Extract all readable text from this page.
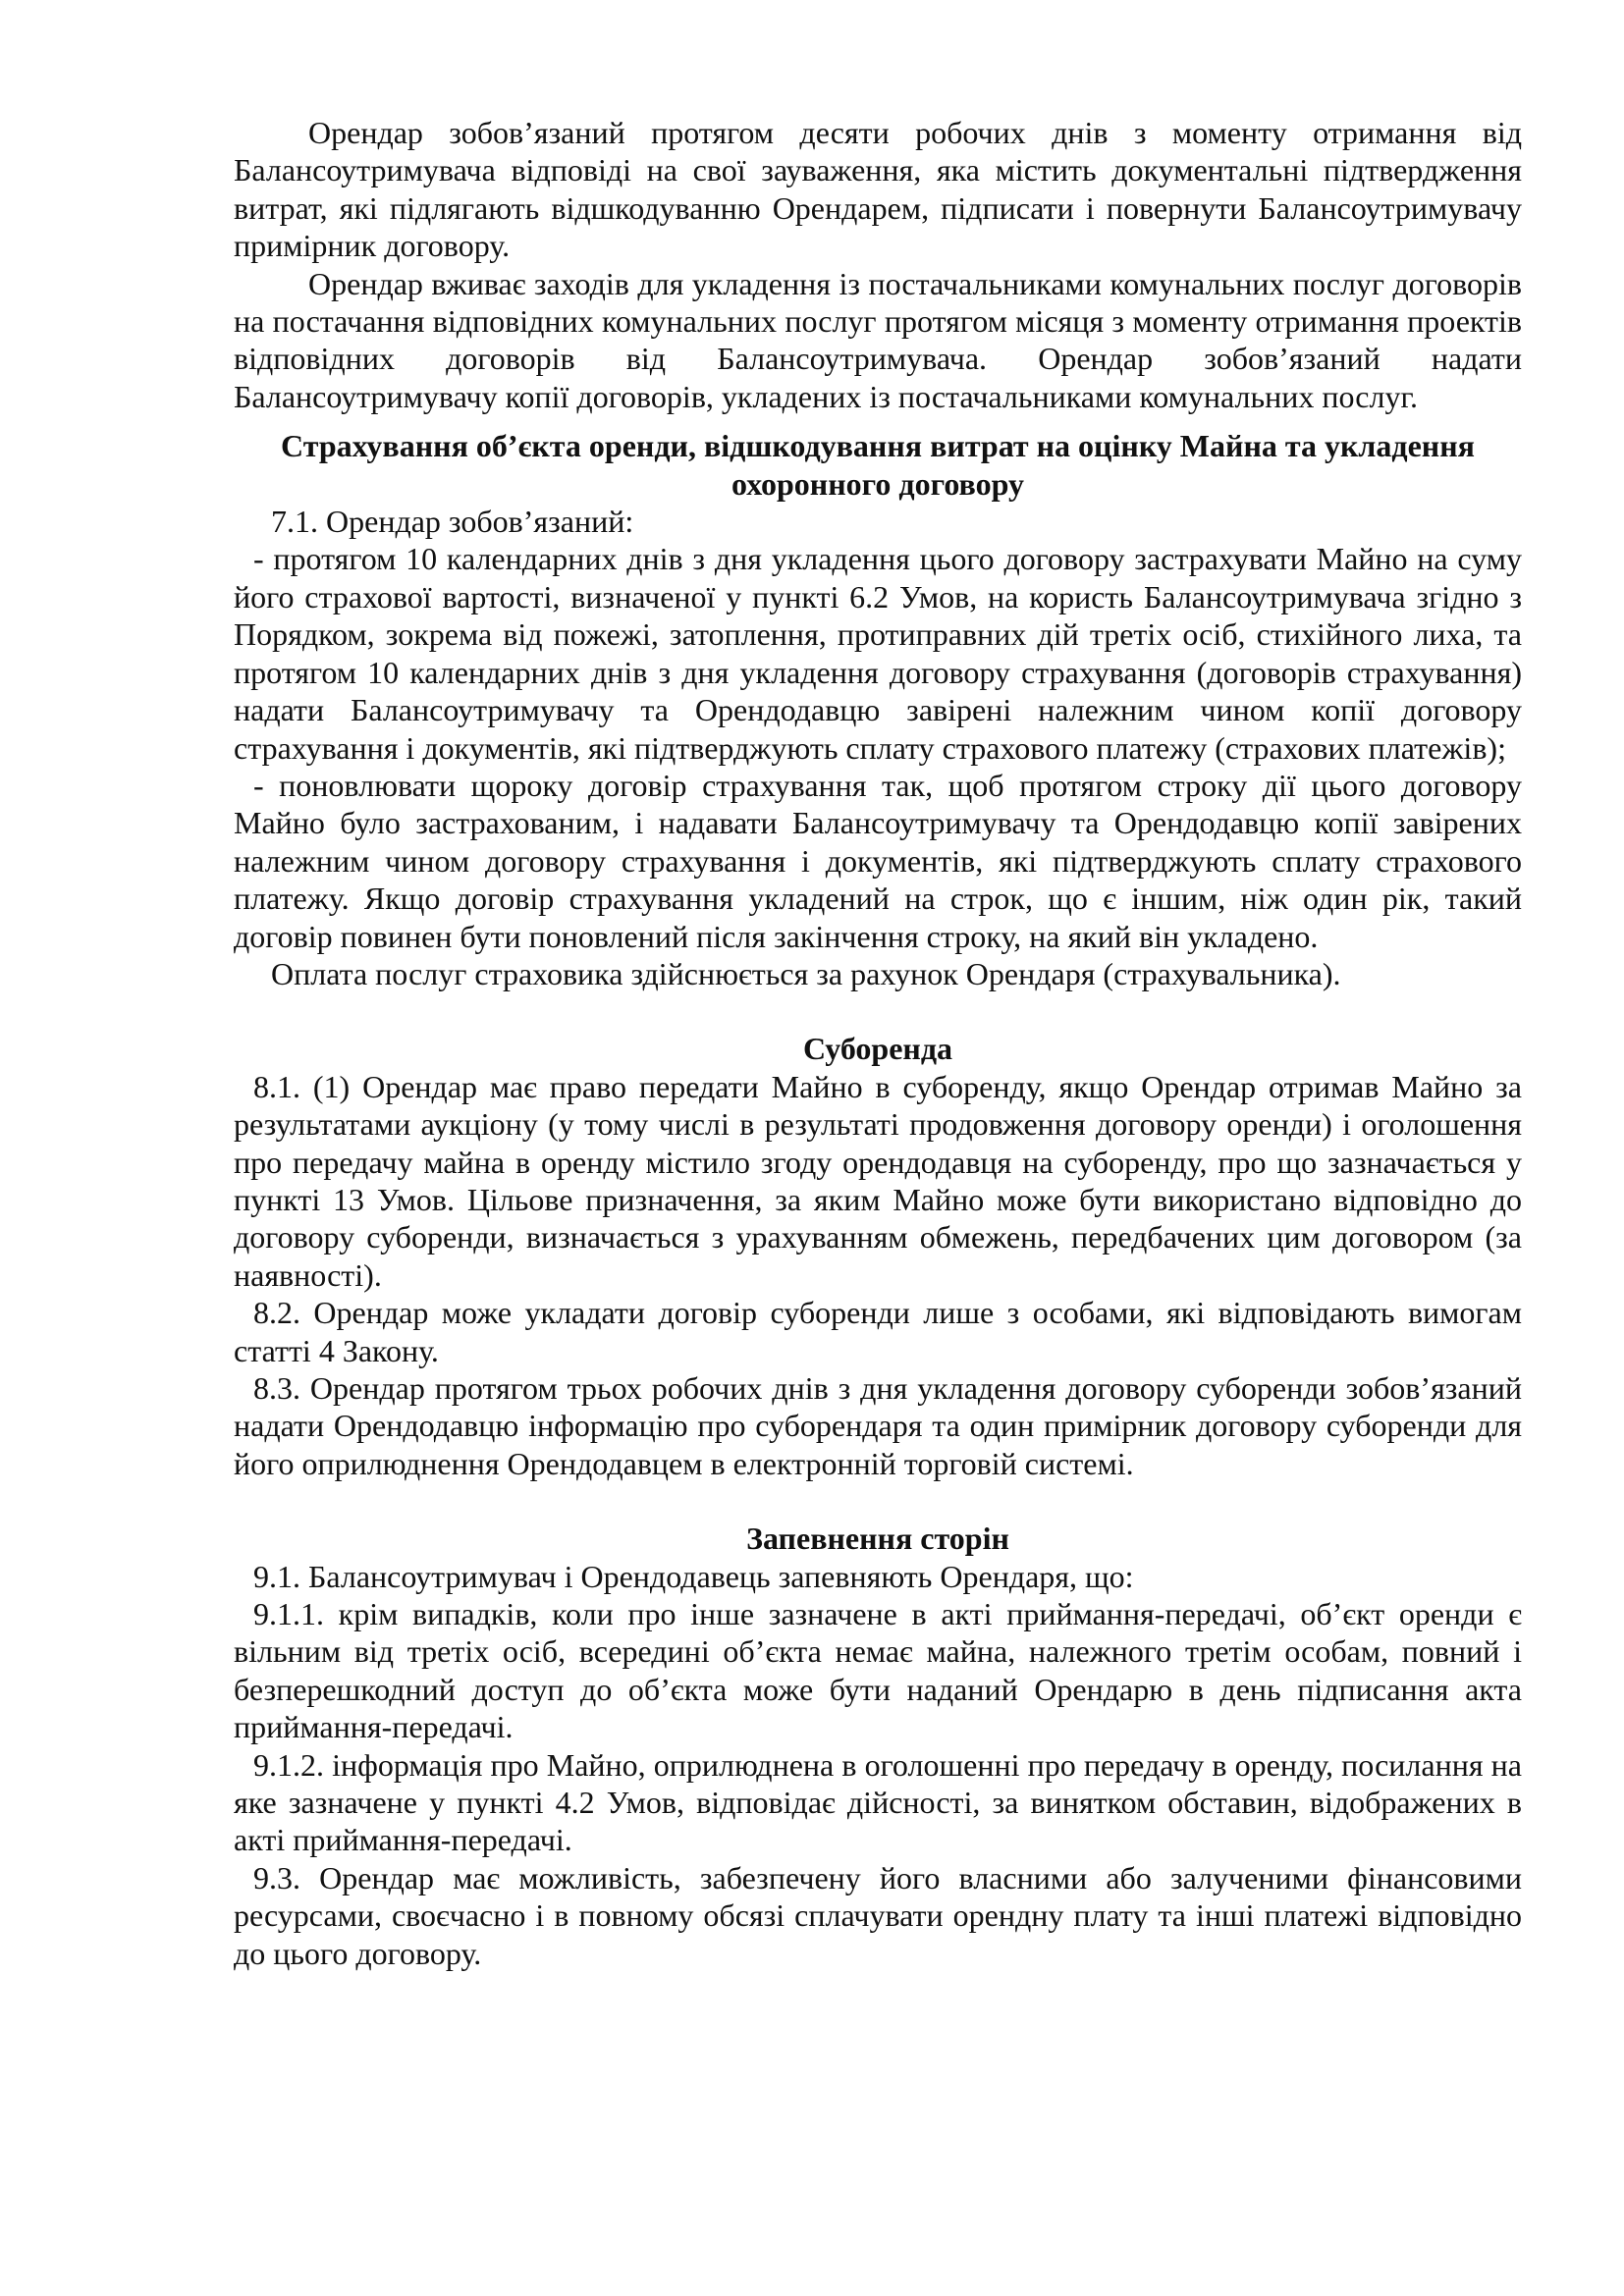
Орендар зобов’язаний протягом десяти робочих днів з моменту отримання від Балансоутримувача відповіді на свої зауваження, яка містить документальні підтвердження витрат, які підлягають відшкодуванню Орендарем, підписати і повернути Балансоутримувачу примірник договору.

Орендар вживає заходів для укладення із постачальниками комунальних послуг договорів на постачання відповідних комунальних послуг протягом місяця з моменту отримання проектів відповідних договорів від Балансоутримувача. Орендар зобов’язаний надати Балансоутримувачу копії договорів, укладених із постачальниками комунальних послуг.

Страхування об’єкта оренди, відшкодування витрат на оцінку Майна та укладення охоронного договору

7.1. Орендар зобов’язаний:

- протягом 10 календарних днів з дня укладення цього договору застрахувати Майно на суму його страхової вартості, визначеної у пункті 6.2 Умов, на користь Балансоутримувача згідно з Порядком, зокрема від пожежі, затоплення, протиправних дій третіх осіб, стихійного лиха, та протягом 10 календарних днів з дня укладення договору страхування (договорів страхування) надати Балансоутримувачу та Орендодавцю завірені належним чином копії договору страхування і документів, які підтверджують сплату страхового платежу (страхових платежів);

- поновлювати щороку договір страхування так, щоб протягом строку дії цього договору Майно було застрахованим, і надавати Балансоутримувачу та Орендодавцю копії завірених належним чином договору страхування і документів, які підтверджують сплату страхового платежу. Якщо договір страхування укладений на строк, що є іншим, ніж один рік, такий договір повинен бути поновлений після закінчення строку, на який він укладено.

Оплата послуг страховика здійснюється за рахунок Орендаря (страхувальника).

Суборенда

8.1. (1) Орендар має право передати Майно в суборенду, якщо Орендар отримав Майно за результатами аукціону (у тому числі в результаті продовження договору оренди) і оголошення про передачу майна в оренду містило згоду орендодавця на суборенду, про що зазначається у пункті 13 Умов. Цільове призначення, за яким Майно може бути використано відповідно до договору суборенди, визначається з урахуванням обмежень, передбачених цим договором (за наявності).

8.2. Орендар може укладати договір суборенди лише з особами, які відповідають вимогам статті 4 Закону.

8.3. Орендар протягом трьох робочих днів з дня укладення договору суборенди зобов’язаний надати Орендодавцю інформацію про суборендаря та один примірник договору суборенди для його оприлюднення Орендодавцем в електронній торговій системі.

Запевнення сторін

9.1. Балансоутримувач і Орендодавець запевняють Орендаря, що:

9.1.1. крім випадків, коли про інше зазначене в акті приймання-передачі, об’єкт оренди є вільним від третіх осіб, всередині об’єкта немає майна, належного третім особам, повний і безперешкодний доступ до об’єкта може бути наданий Орендарю в день підписання акта приймання-передачі.

9.1.2. інформація про Майно, оприлюднена в оголошенні про передачу в оренду, посилання на яке зазначене у пункті 4.2 Умов, відповідає дійсності, за винятком обставин, відображених в акті приймання-передачі.

9.3. Орендар має можливість, забезпечену його власними або залученими фінансовими ресурсами, своєчасно і в повному обсязі сплачувати орендну плату та інші платежі відповідно до цього договору.
